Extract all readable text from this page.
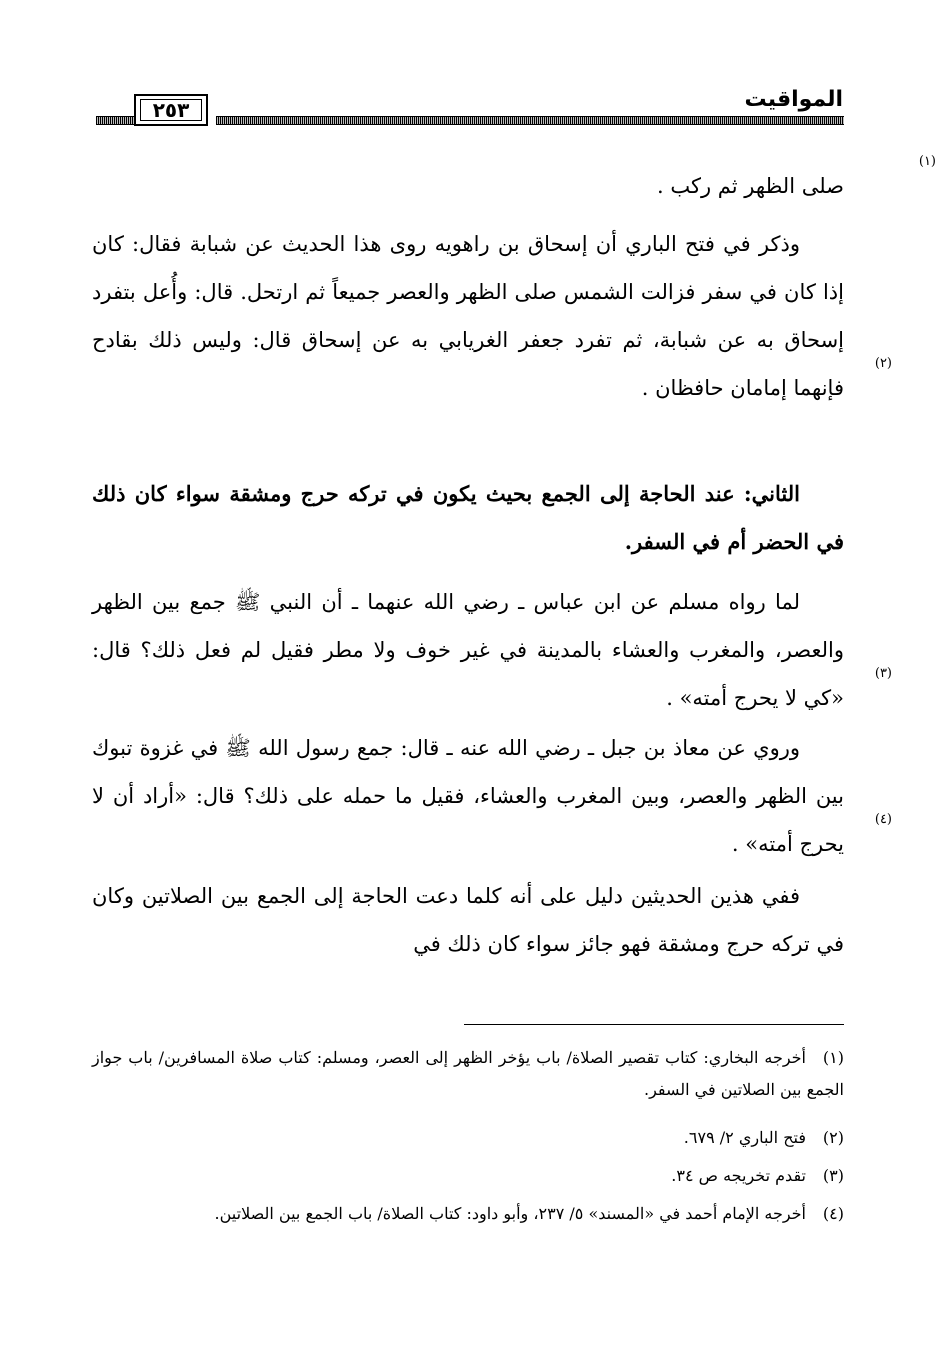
٢٥٣	المواقيت
صلى الظهر ثم ركب
(١)
.
وذكر في فتح الباري أن إسحاق بن راهويه روى هذا الحديث عن شبابة فقال: كان إذا كان في سفر فزالت الشمس صلى الظهر والعصر جميعاً ثم ارتحل. قال: وأُعل بتفرد إسحاق به عن شبابة، ثم تفرد جعفر الغريابي به عن إسحاق قال: وليس ذلك بقادح فإنهما إمامان حافظان
(٢)
.
الثاني: عند الحاجة إلى الجمع بحيث يكون في تركه حرج ومشقة سواء كان ذلك في الحضر أم في السفر.
لما رواه مسلم عن ابن عباس ـ رضي الله عنهما ـ أن النبي ﷺ جمع بين الظهر والعصر، والمغرب والعشاء بالمدينة في غير خوف ولا مطر فقيل لم فعل ذلك؟ قال: «كي لا يحرج أمته»
(٣)
.
وروي عن معاذ بن جبل ـ رضي الله عنه ـ قال: جمع رسول الله ﷺ في غزوة تبوك بين الظهر والعصر، وبين المغرب والعشاء، فقيل ما حمله على ذلك؟ قال: «أراد أن لا يحرج أمته»
(٤)
.
ففي هذين الحديثين دليل على أنه كلما دعت الحاجة إلى الجمع بين الصلاتين وكان في تركه حرج ومشقة فهو جائز سواء كان ذلك في
(١)أخرجه البخاري: كتاب تقصير الصلاة/ باب يؤخر الظهر إلى العصر، ومسلم: كتاب صلاة المسافرين/ باب جواز الجمع بين الصلاتين في السفر.
(٢)فتح الباري ٢/ ٦٧٩.
(٣)تقدم تخريجه ص ٣٤.
(٤)أخرجه الإمام أحمد في «المسند» ٥/ ٢٣٧، وأبو داود: كتاب الصلاة/ باب الجمع بين الصلاتين.
